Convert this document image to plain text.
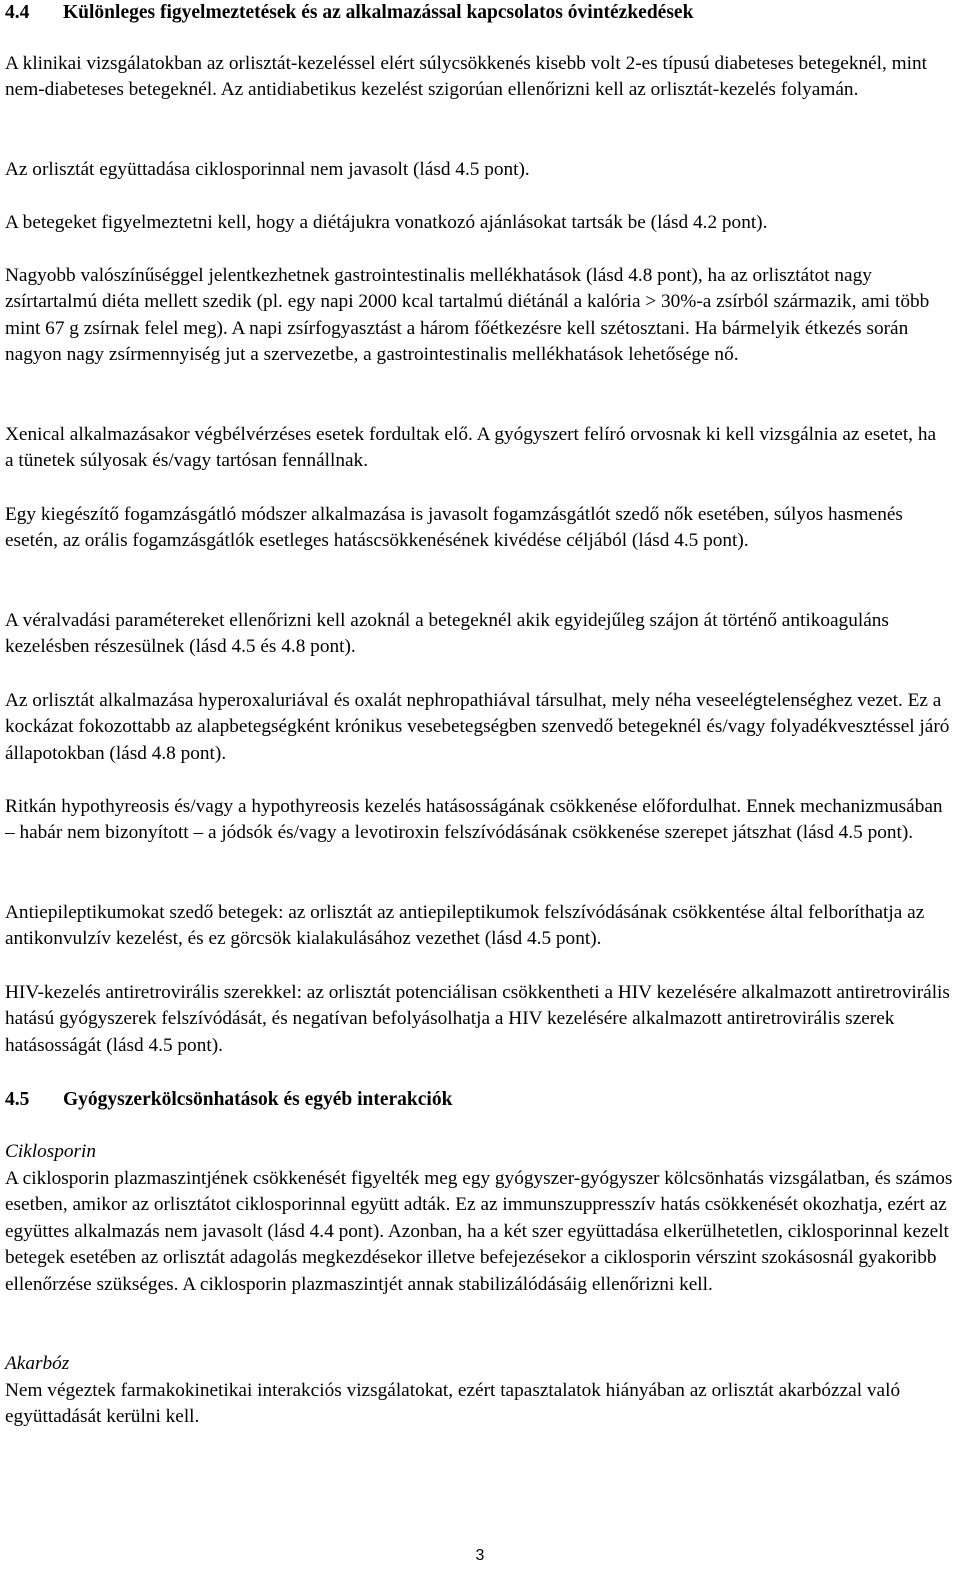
4.4	Különleges figyelmeztetések és az alkalmazással kapcsolatos óvintézkedések

A klinikai vizsgálatokban az orlisztát-kezeléssel elért súlycsökkenés kisebb volt 2-es típusú diabeteses betegeknél, mint nem-diabeteses betegeknél. Az antidiabetikus kezelést szigorúan ellenőrizni kell az orlisztát-kezelés folyamán.

Az orlisztát együttadása ciklosporinnal nem javasolt (lásd 4.5 pont).

A betegeket figyelmeztetni kell, hogy a diétájukra vonatkozó ajánlásokat tartsák be (lásd 4.2 pont).

Nagyobb valószínűséggel jelentkezhetnek gastrointestinalis mellékhatások (lásd 4.8 pont), ha az orlisztátot nagy zsírtartalmú diéta mellett szedik (pl. egy napi 2000 kcal tartalmú diétánál a kalória > 30%-a zsírból származik, ami több mint 67 g zsírnak felel meg). A napi zsírfogyasztást a három főétkezésre kell szétosztani. Ha bármelyik étkezés során nagyon nagy zsírmennyiség jut a szervezetbe, a gastrointestinalis mellékhatások lehetősége nő.

Xenical alkalmazásakor végbélvérzéses esetek fordultak elő. A gyógyszert felíró orvosnak ki kell vizsgálnia az esetet, ha a tünetek súlyosak és/vagy tartósan fennállnak.

Egy kiegészítő fogamzásgátló módszer alkalmazása is javasolt fogamzásgátlót szedő nők esetében, súlyos hasmenés esetén, az orális fogamzásgátlók esetleges hatáscsökkenésének kivédése céljából (lásd 4.5 pont).

A véralvadási paramétereket ellenőrizni kell azoknál a betegeknél akik egyidejűleg szájon át történő antikoaguláns kezelésben részesülnek (lásd 4.5 és 4.8 pont).

Az orlisztát alkalmazása hyperoxaluriával és oxalát nephropathiával társulhat, mely néha veseelégtelenséghez vezet. Ez a kockázat fokozottabb az alapbetegségként krónikus vesebetegségben szenvedő betegeknél és/vagy folyadékvesztéssel járó állapotokban (lásd 4.8 pont).

Ritkán hypothyreosis és/vagy a hypothyreosis kezelés hatásosságának csökkenése előfordulhat. Ennek mechanizmusában – habár nem bizonyított – a jódsók és/vagy a levotiroxin felszívódásának csökkenése szerepet játszhat (lásd 4.5 pont).

Antiepileptikumokat szedő betegek: az orlisztát az antiepileptikumok felszívódásának csökkentése által felboríthatja az antikonvulzív kezelést, és ez görcsök kialakulásához vezethet (lásd 4.5 pont).

HIV-kezelés antiretrovirális szerekkel: az orlisztát potenciálisan csökkentheti a HIV kezelésére alkalmazott antiretrovirális hatású gyógyszerek felszívódását, és negatívan befolyásolhatja a HIV kezelésére alkalmazott antiretrovirális szerek hatásosságát (lásd 4.5 pont).

4.5	Gyógyszerkölcsönhatások és egyéb interakciók

Ciklosporin

A ciklosporin plazmaszintjének csökkenését figyelték meg egy gyógyszer-gyógyszer kölcsönhatás vizsgálatban, és számos esetben, amikor az orlisztátot ciklosporinnal együtt adták. Ez az immunszuppresszív hatás csökkenését okozhatja, ezért az együttes alkalmazás nem javasolt (lásd 4.4 pont). Azonban, ha a két szer együttadása elkerülhetetlen, ciklosporinnal kezelt betegek esetében az orlisztát adagolás megkezdésekor illetve befejezésekor a ciklosporin vérszint szokásosnál gyakoribb ellenőrzése szükséges. A ciklosporin plazmaszintjét annak stabilizálódásáig ellenőrizni kell.

Akarbóz

Nem végeztek farmakokinetikai interakciós vizsgálatokat, ezért tapasztalatok hiányában az orlisztát akarbózzal való együttadását kerülni kell.

3
